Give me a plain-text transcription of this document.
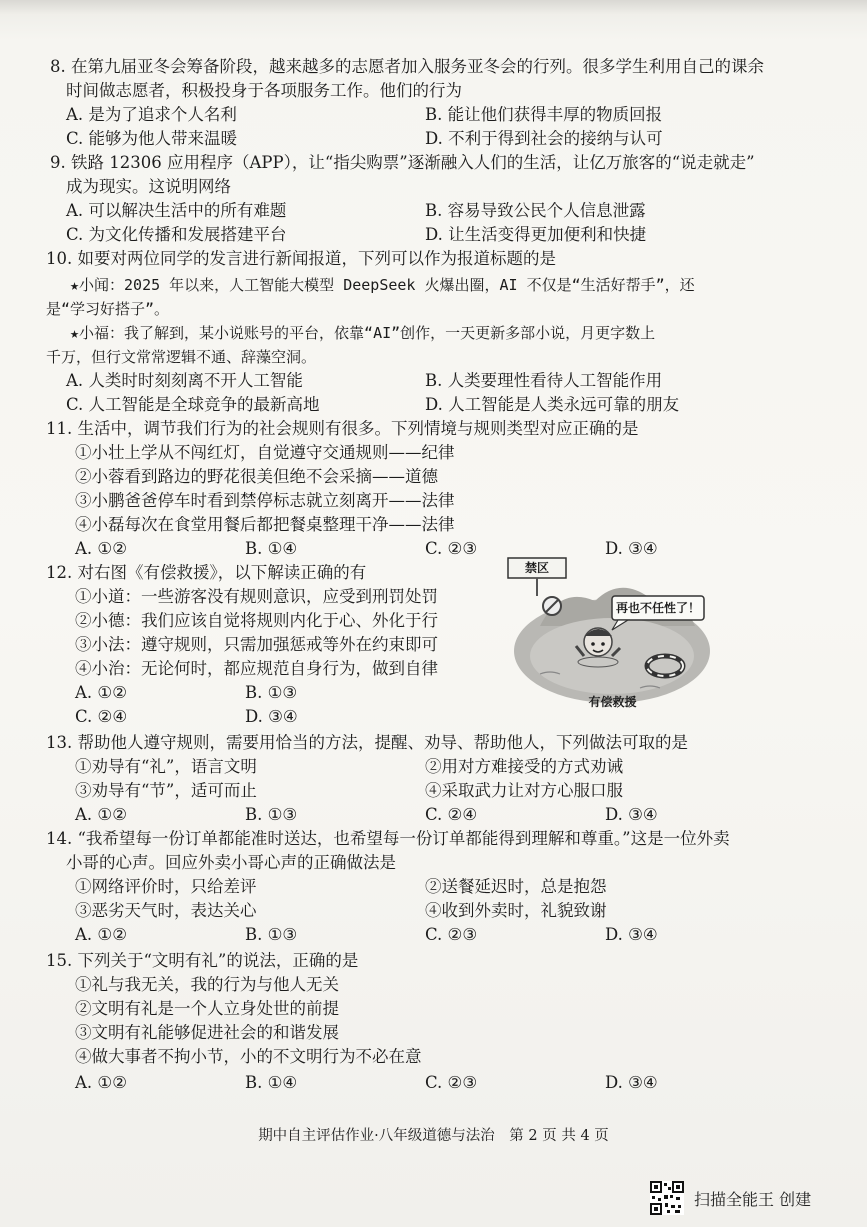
8. 在第九届亚冬会筹备阶段，越来越多的志愿者加入服务亚冬会的行列。很多学生利用自己的课余
时间做志愿者，积极投身于各项服务工作。他们的行为
A. 是为了追求个人名利	B. 能让他们获得丰厚的物质回报
C. 能够为他人带来温暖	D. 不利于得到社会的接纳与认可
9. 铁路 12306 应用程序（APP），让“指尖购票”逐渐融入人们的生活，让亿万旅客的“说走就走”
成为现实。这说明网络
A. 可以解决生活中的所有难题	B. 容易导致公民个人信息泄露
C. 为文化传播和发展搭建平台	D. 让生活变得更加便利和快捷
10. 如要对两位同学的发言进行新闻报道，下列可以作为报道标题的是
★小闻：2025 年以来，人工智能大模型 DeepSeek 火爆出圈，AI 不仅是“生活好帮手”，还
是“学习好搭子”。
★小福：我了解到，某小说账号的平台，依靠“AI”创作，一天更新多部小说，月更字数上
千万，但行文常常逻辑不通、辞藻空洞。
A. 人类时时刻刻离不开人工智能	B. 人类要理性看待人工智能作用
C. 人工智能是全球竞争的最新高地	D. 人工智能是人类永远可靠的朋友
11. 生活中，调节我们行为的社会规则有很多。下列情境与规则类型对应正确的是
①小壮上学从不闯红灯，自觉遵守交通规则——纪律
②小蓉看到路边的野花很美但绝不会采摘——道德
③小鹏爸爸停车时看到禁停标志就立刻离开——法律
④小磊每次在食堂用餐后都把餐桌整理干净——法律
A. ①②	B. ①④	C. ②③	D. ③④
12. 对右图《有偿救援》，以下解读正确的有
①小道：一些游客没有规则意识，应受到刑罚处罚
②小德：我们应该自觉将规则内化于心、外化于行
③小法：遵守规则，只需加强惩戒等外在约束即可
④小治：无论何时，都应规范自身行为，做到自律
A. ①②	B. ①③
C. ②④	D. ③④
13. 帮助他人遵守规则，需要用恰当的方法，提醒、劝导、帮助他人，下列做法可取的是
①劝导有“礼”，语言文明	②用对方难接受的方式劝诫
③劝导有“节”，适可而止	④采取武力让对方心服口服
A. ①②	B. ①③	C. ②④	D. ③④
14. “我希望每一份订单都能准时送达，也希望每一份订单都能得到理解和尊重。”这是一位外卖
小哥的心声。回应外卖小哥心声的正确做法是
①网络评价时，只给差评	②送餐延迟时，总是抱怨
③恶劣天气时，表达关心	④收到外卖时，礼貌致谢
A. ①②	B. ①③	C. ②③	D. ③④
15. 下列关于“文明有礼”的说法，正确的是
①礼与我无关，我的行为与他人无关
②文明有礼是一个人立身处世的前提
③文明有礼能够促进社会的和谐发展
④做大事者不拘小节，小的不文明行为不必在意
A. ①②	B. ①④	C. ②③	D. ③④
禁区
再也不任性了！
有偿救援
期中自主评估作业·八年级道德与法治　第 2 页 共 4 页
扫描全能王 创建
